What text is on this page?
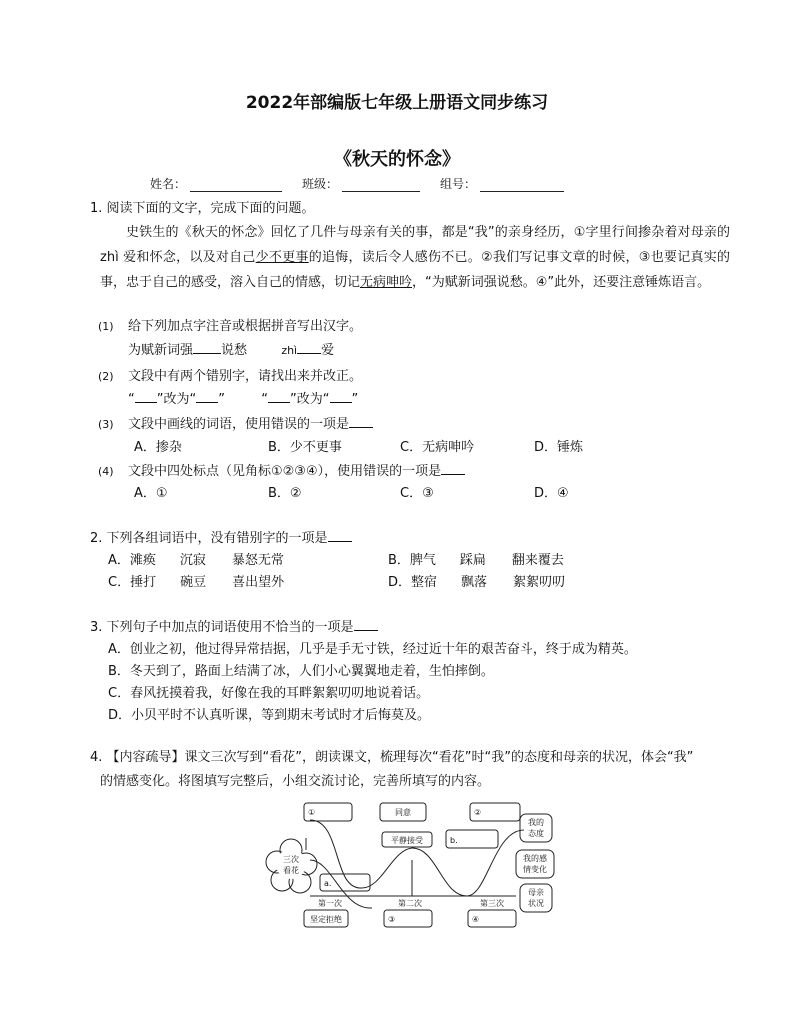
2022年部编版七年级上册语文同步练习
《秋天的怀念》
姓名：	班级：	组号：
1. 阅读下面的文字，完成下面的问题。
史铁生的《秋天的怀念》回忆了几件与母亲有关的事，都是“我”的亲身经历，①字里行间掺杂着对母亲的 zhì 爱和怀念，以及对自己少不更事的追悔，读后令人感伤不已。②我们写记事文章的时候，③也要记真实的事，忠于自己的感受，溶入自己的情感，切记无病呻吟，“为赋新词强说愁。④”此外，还要注意锤炼语言。
(1) 给下列加点字注音或根据拼音写出汉字。
为赋新词强 说愁	zhì 爱
(2) 文段中有两个错别字，请找出来并改正。
“ ”改为“ ”	“ ”改为“ ”
(3) 文段中画线的词语，使用错误的一项是
A．掺杂	B．少不更事	C．无病呻吟	D．锤炼
(4) 文段中四处标点（见角标①②③④），使用错误的一项是
A．①	B．②	C．③	D．④
2. 下列各组词语中，没有错别字的一项是
A．滩痪 沉寂 暴怒无常	B．脾气 踩扁 翻来覆去
C．捶打 碗豆 喜出望外	D．整宿 飘落 絮絮叨叨
3. 下列句子中加点的词语使用不恰当的一项是
A．创业之初，他过得异常拮据，几乎是手无寸铁，经过近十年的艰苦奋斗，终于成为精英。
B．冬天到了，路面上结满了冰，人们小心翼翼地走着，生怕摔倒。
C．春风抚摸着我，好像在我的耳畔絮絮叨叨地说着话。
D．小贝平时不认真听课，等到期末考试时才后悔莫及。
4. 【内容疏导】课文三次写到“看花”，朗读课文，梳理每次“看花”时“我”的态度和母亲的状况，体会“我”
的情感变化。将图填写完整后，小组交流讨论，完善所填写的内容。
三次
看花
①	同意	②
平静接受	b.
a.
坚定拒绝	③	④
第一次	第二次	第三次
我的
态度
我的感
情变化
母亲
状况
